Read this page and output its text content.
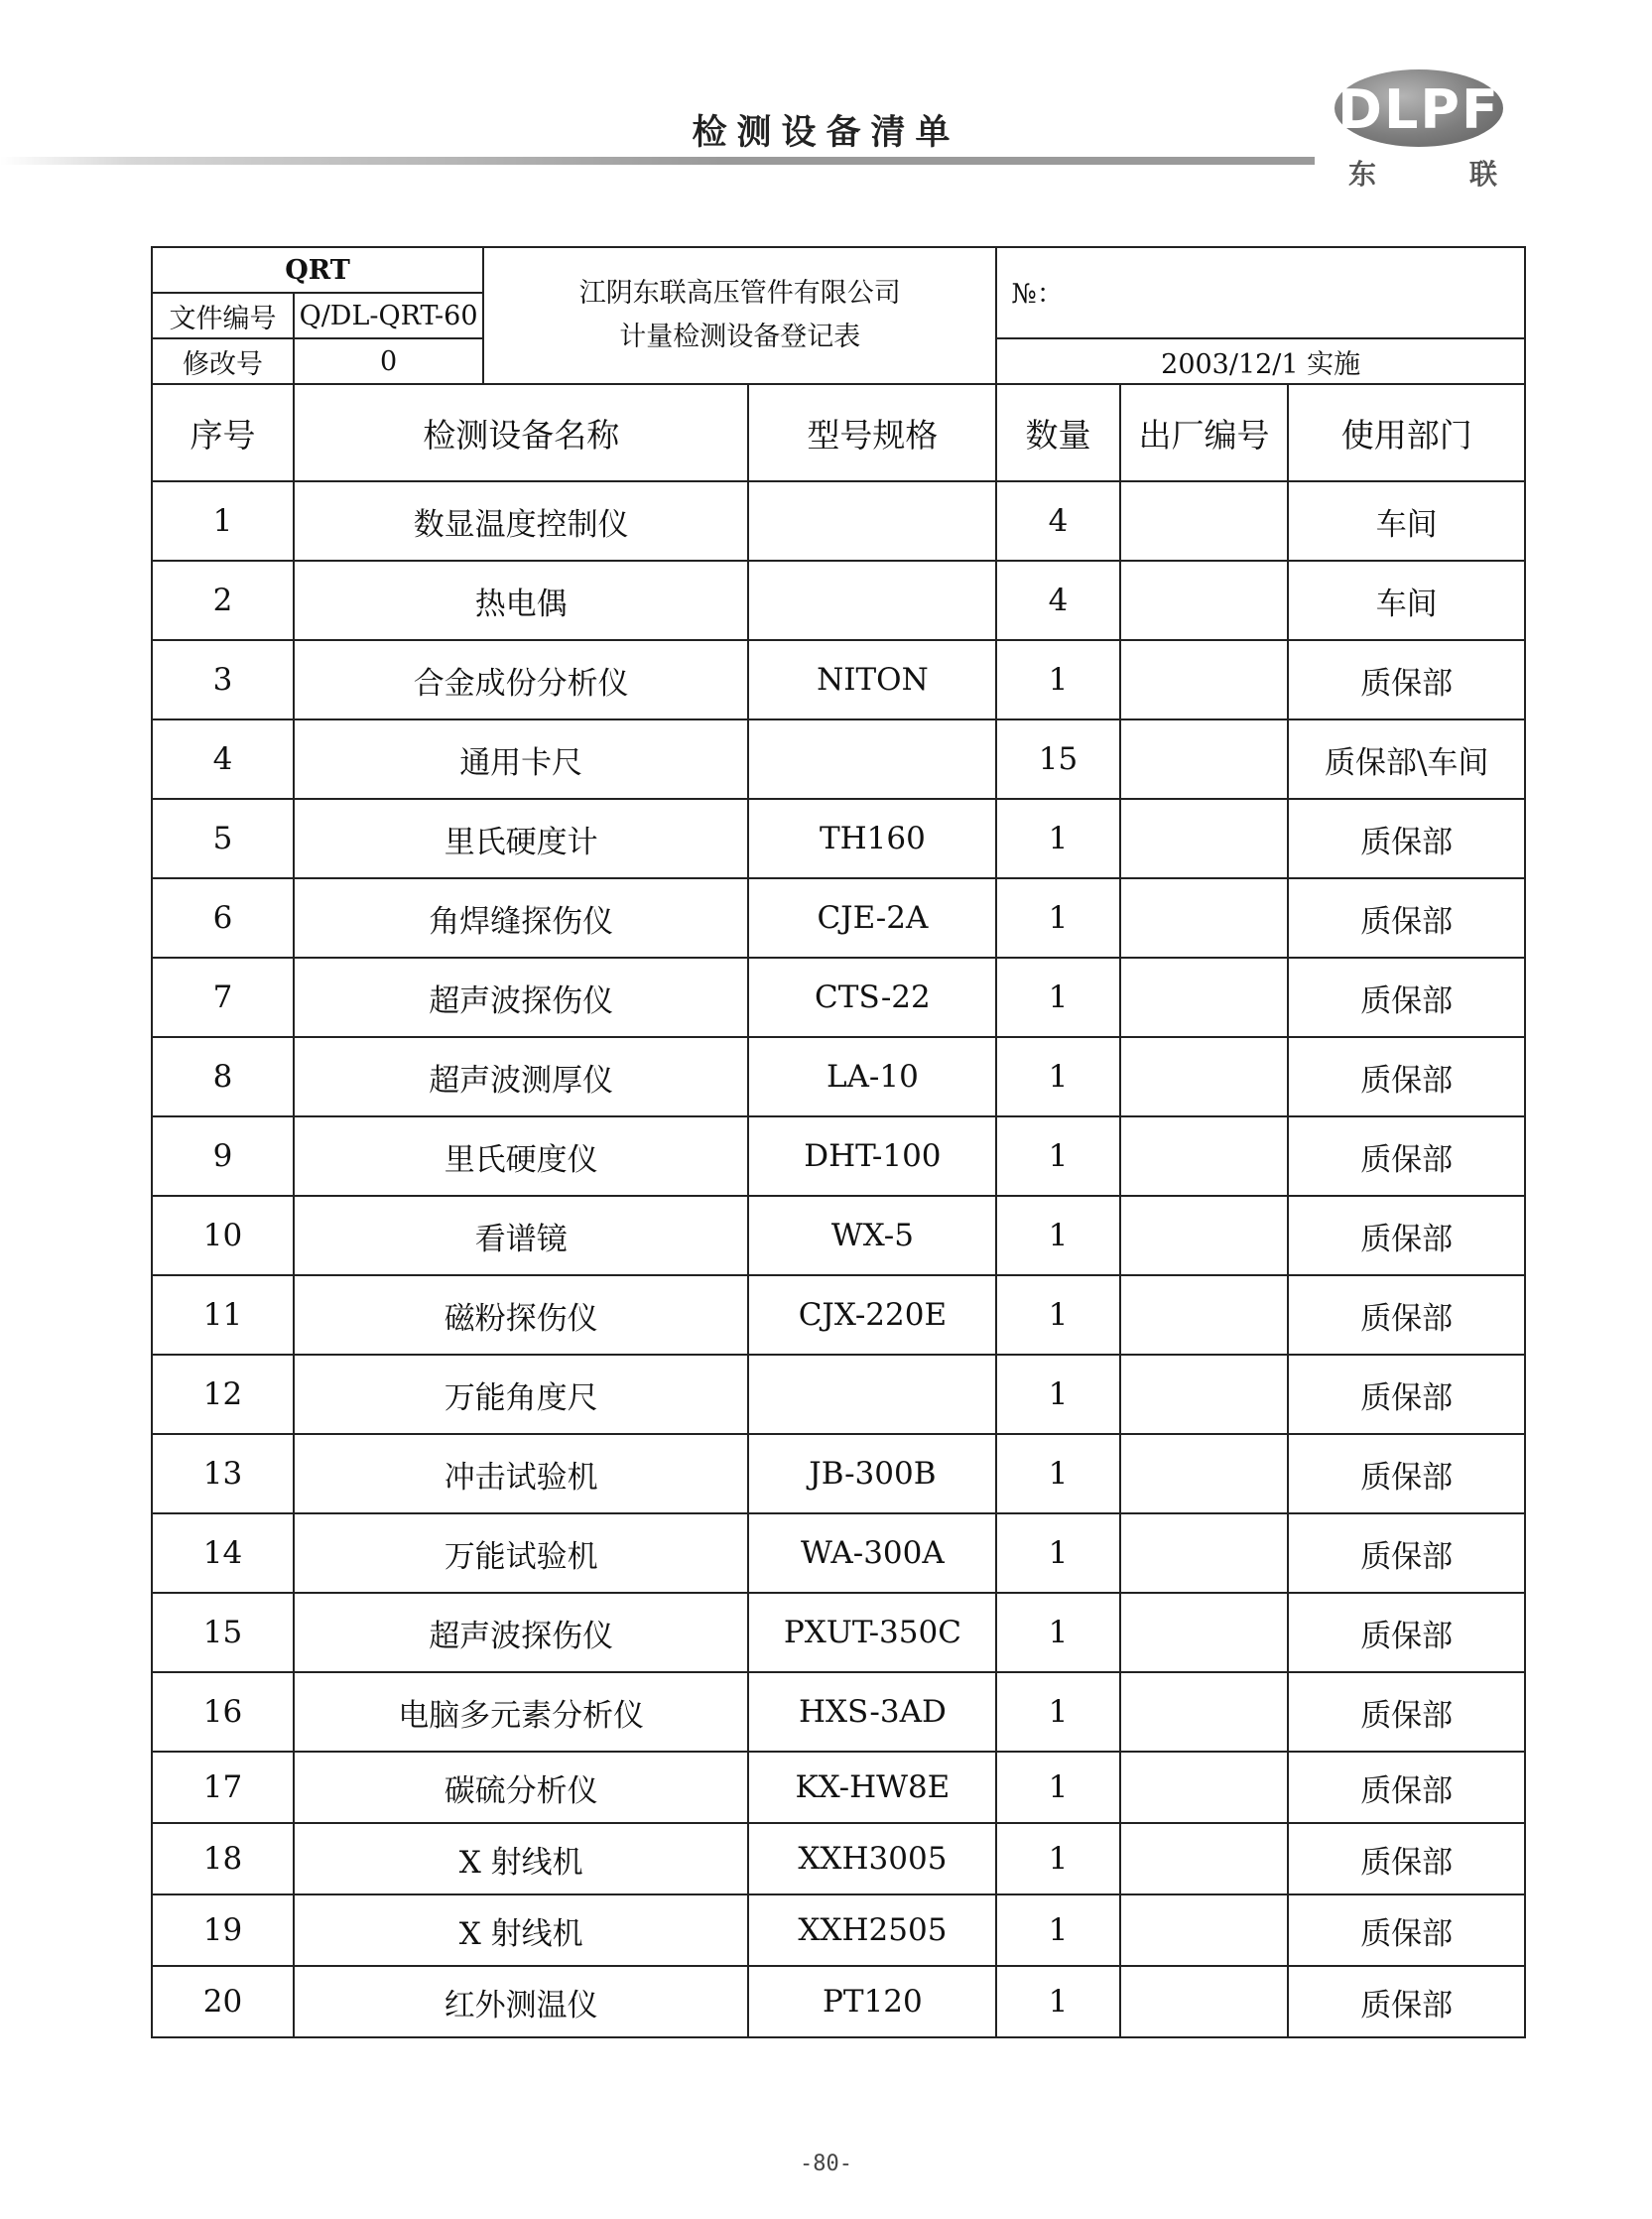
检测设备清单	DLPF
东	联
QRT		江阴东联高压管件有限公司
计量检测设备登记表		№：		
文件编号	Q/DL-QRT-60					
修改号	0			2003/12/1 实施		
序号	检测设备名称		型号规格	数量	出厂编号	使用部门
1	数显温度控制仪			4		车间
2	热电偶			4		车间
3	合金成份分析仪		NITON	1		质保部
4	通用卡尺			15		质保部\车间
5	里氏硬度计		TH160	1		质保部
6	角焊缝探伤仪		CJE-2A	1		质保部
7	超声波探伤仪		CTS-22	1		质保部
8	超声波测厚仪		LA-10	1		质保部
9	里氏硬度仪		DHT-100	1		质保部
10	看谱镜		WX-5	1		质保部
11	磁粉探伤仪		CJX-220E	1		质保部
12	万能角度尺			1		质保部
13	冲击试验机		JB-300B	1		质保部
14	万能试验机		WA-300A	1		质保部
15	超声波探伤仪		PXUT-350C	1		质保部
16	电脑多元素分析仪		HXS-3AD	1		质保部
17	碳硫分析仪		KX-HW8E	1		质保部
18	X 射线机		XXH3005	1		质保部
19	X 射线机		XXH2505	1		质保部
20	红外测温仪		PT120	1		质保部
-80-
